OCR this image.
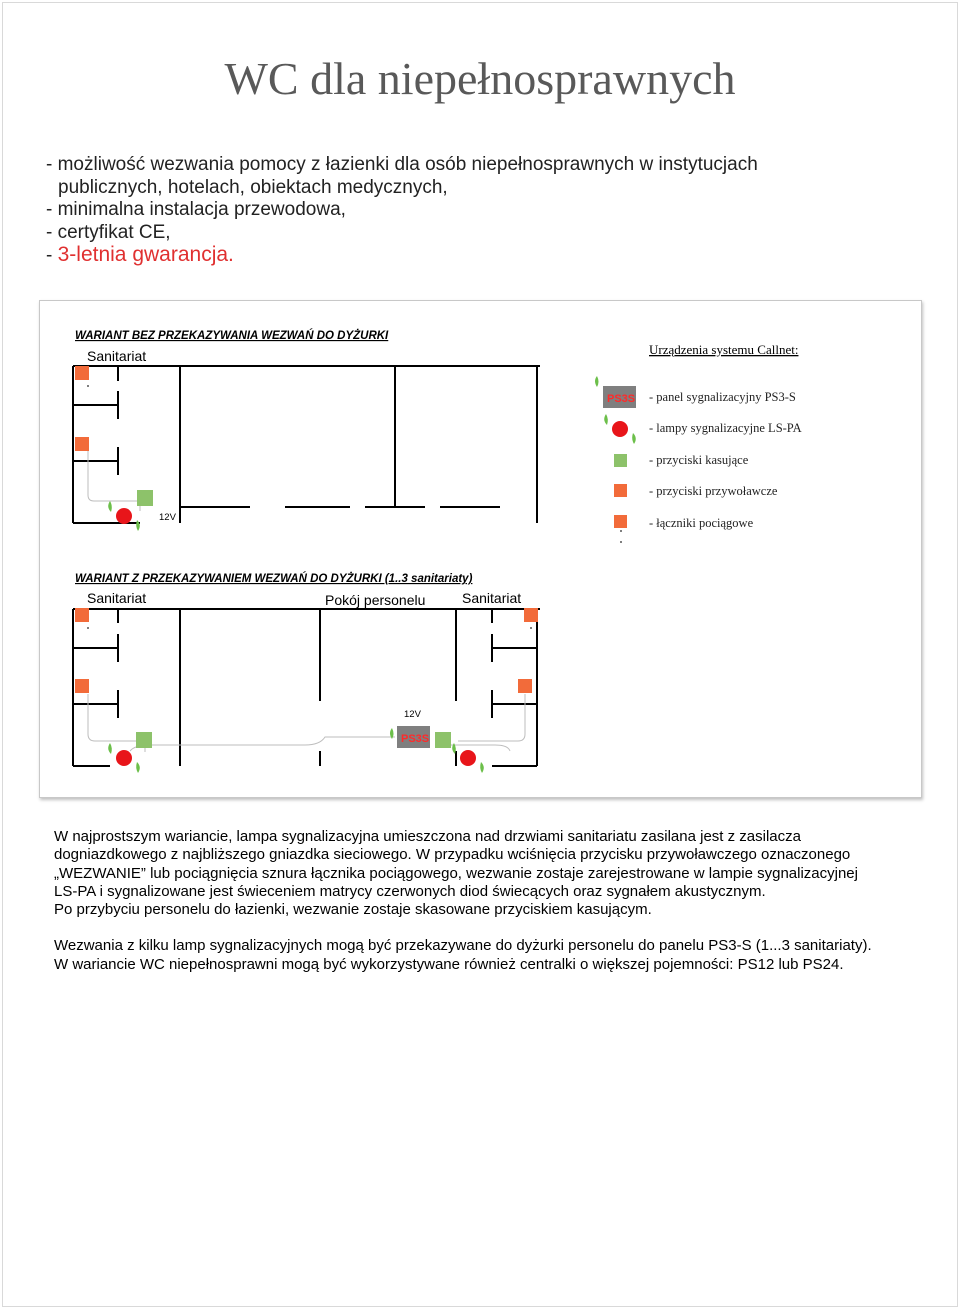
WC dla niepełnosprawnych
- możliwość wezwania pomocy z łazienki dla osób niepełnosprawnych w instytucjach
publicznych, hotelach, obiektach medycznych,
- minimalna instalacja przewodowa,
- certyfikat CE,
- 3-letnia gwarancja.
WARIANT BEZ PRZEKAZYWANIA WEZWAŃ DO DYŻURKI
Sanitariat
12V
Urządzenia systemu Callnet:
PS3S - panel sygnalizacyjny PS3-S
- lampy sygnalizacyjne LS-PA
- przyciski kasujące
- przyciski przywoławcze
- łączniki pociągowe
WARIANT Z PRZEKAZYWANIEM WEZWAŃ DO DYŻURKI (1..3 sanitariaty)
Sanitariat	Pokój personelu	Sanitariat
12V
PS3S
W najprostszym wariancie, lampa sygnalizacyjna umieszczona nad drzwiami sanitariatu zasilana jest z zasilacza
dogniazdkowego z najbliższego gniazdka sieciowego. W przypadku wciśnięcia przycisku przywoławczego oznaczonego
„WEZWANIE” lub pociągnięcia sznura łącznika pociągowego, wezwanie zostaje zarejestrowane w lampie sygnalizacyjnej
LS-PA i sygnalizowane jest świeceniem matrycy czerwonych diod świecących oraz sygnałem akustycznym.
Po przybyciu personelu do łazienki, wezwanie zostaje skasowane przyciskiem kasującym.
Wezwania z kilku lamp sygnalizacyjnych mogą być przekazywane do dyżurki personelu do panelu PS3-S (1...3 sanitariaty).
W wariancie WC niepełnosprawni mogą być wykorzystywane również centralki o większej pojemności: PS12 lub PS24.
